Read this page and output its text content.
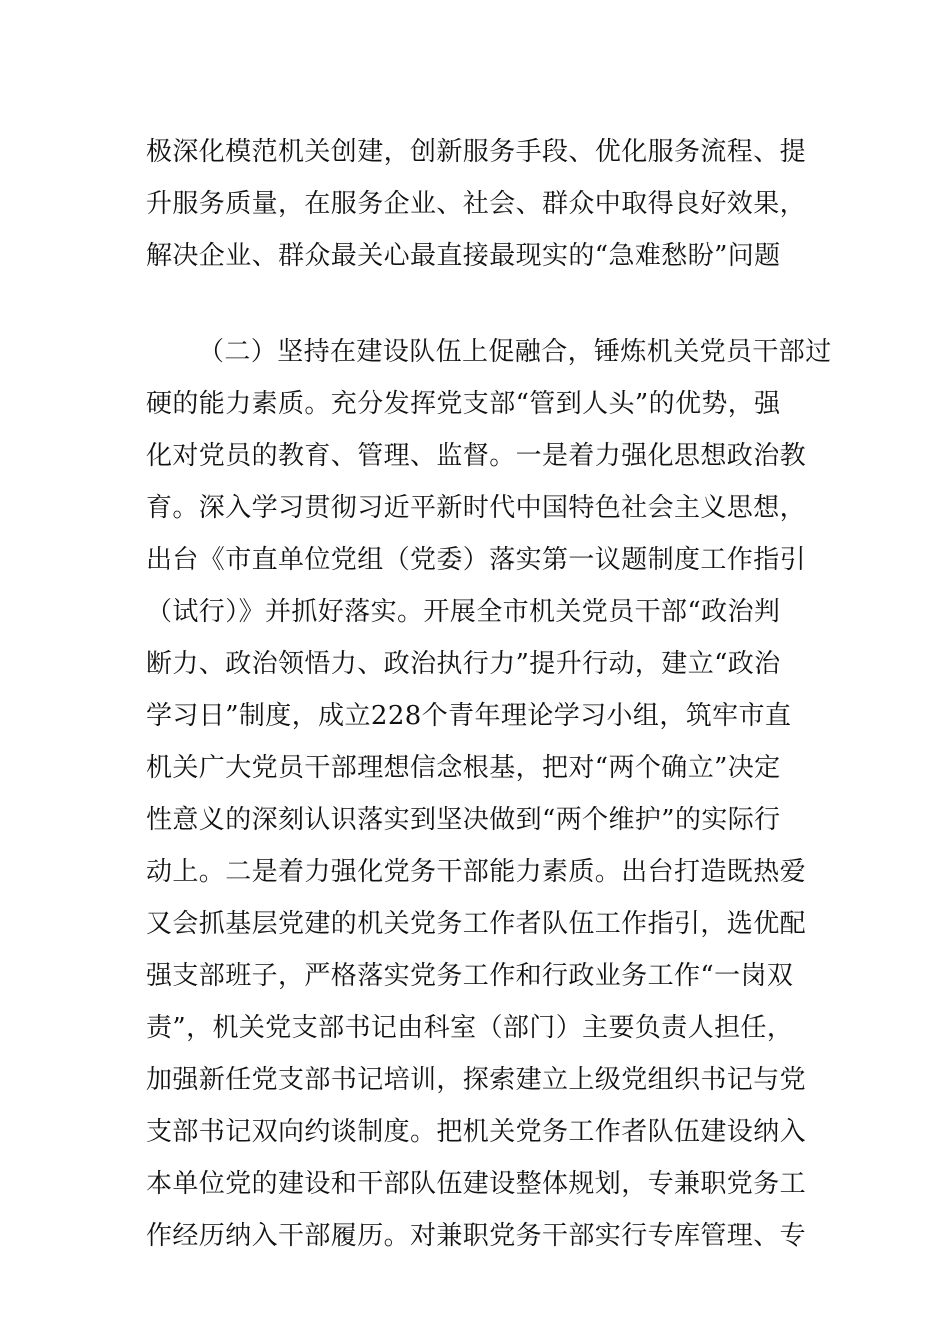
极深化模范机关创建，创新服务手段、优化服务流程、提
升服务质量，在服务企业、社会、群众中取得良好效果，
解决企业、群众最关心最直接最现实的“急难愁盼”问题
（二）坚持在建设队伍上促融合，锤炼机关党员干部过
硬的能力素质。充分发挥党支部“管到人头”的优势，强
化对党员的教育、管理、监督。一是着力强化思想政治教
育。深入学习贯彻习近平新时代中国特色社会主义思想，
出台《市直单位党组（党委）落实第一议题制度工作指引
（试行）》并抓好落实。开展全市机关党员干部“政治判
断力、政治领悟力、政治执行力”提升行动，建立“政治
学习日”制度，成立228个青年理论学习小组，筑牢市直
机关广大党员干部理想信念根基，把对“两个确立”决定
性意义的深刻认识落实到坚决做到“两个维护”的实际行
动上。二是着力强化党务干部能力素质。出台打造既热爱
又会抓基层党建的机关党务工作者队伍工作指引，选优配
强支部班子，严格落实党务工作和行政业务工作“一岗双
责”，机关党支部书记由科室（部门）主要负责人担任，
加强新任党支部书记培训，探索建立上级党组织书记与党
支部书记双向约谈制度。把机关党务工作者队伍建设纳入
本单位党的建设和干部队伍建设整体规划，专兼职党务工
作经历纳入干部履历。对兼职党务干部实行专库管理、专
